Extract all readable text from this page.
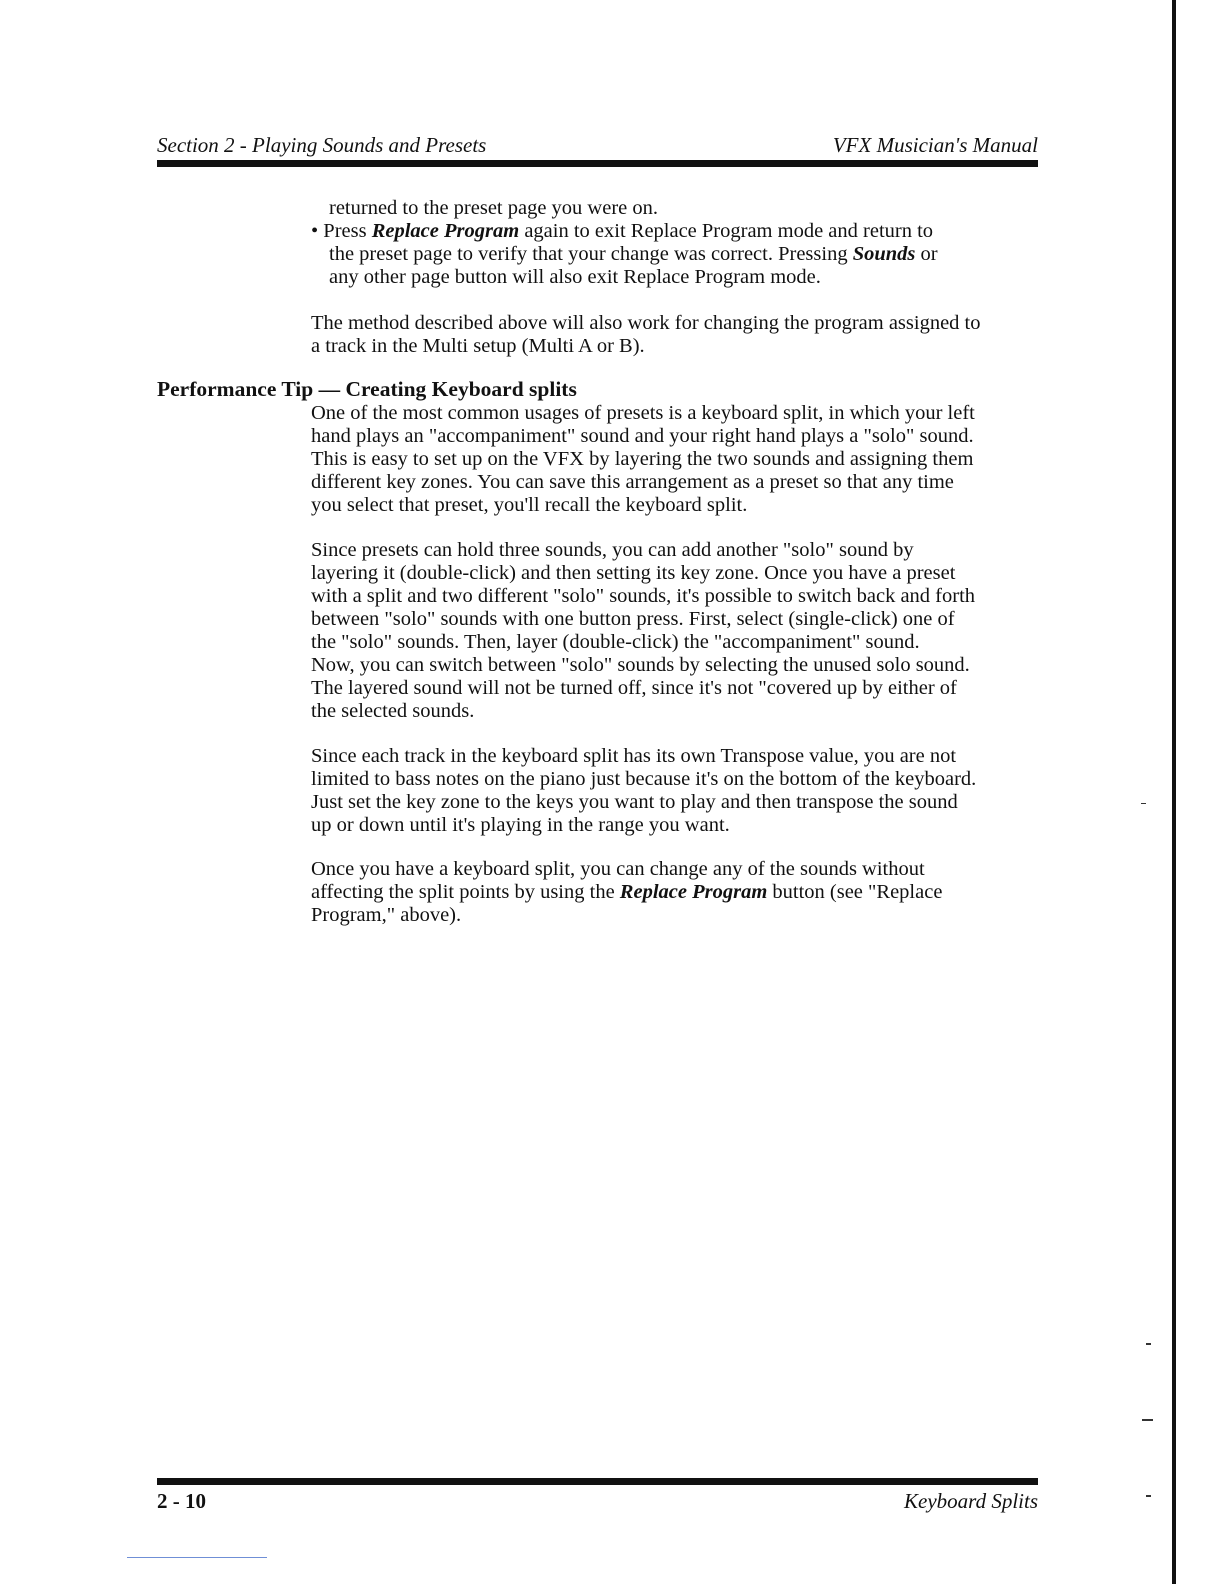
Section 2 - Playing Sounds and Presets	VFX Musician's Manual
returned to the preset page you were on.
• Press Replace Program again to exit Replace Program mode and return to
the preset page to verify that your change was correct. Pressing Sounds or
any other page button will also exit Replace Program mode.
The method described above will also work for changing the program assigned to
a track in the Multi setup (Multi A or B).
Performance Tip — Creating Keyboard splits
One of the most common usages of presets is a keyboard split, in which your left
hand plays an "accompaniment" sound and your right hand plays a "solo" sound.
This is easy to set up on the VFX by layering the two sounds and assigning them
different key zones. You can save this arrangement as a preset so that any time
you select that preset, you'll recall the keyboard split.
Since presets can hold three sounds, you can add another "solo" sound by
layering it (double-click) and then setting its key zone. Once you have a preset
with a split and two different "solo" sounds, it's possible to switch back and forth
between "solo" sounds with one button press. First, select (single-click) one of
the "solo" sounds. Then, layer (double-click) the "accompaniment" sound.
Now, you can switch between "solo" sounds by selecting the unused solo sound.
The layered sound will not be turned off, since it's not "covered up by either of
the selected sounds.
Since each track in the keyboard split has its own Transpose value, you are not
limited to bass notes on the piano just because it's on the bottom of the keyboard.
Just set the key zone to the keys you want to play and then transpose the sound
up or down until it's playing in the range you want.
Once you have a keyboard split, you can change any of the sounds without
affecting the split points by using the Replace Program button (see "Replace
Program," above).
2 - 10	Keyboard Splits
